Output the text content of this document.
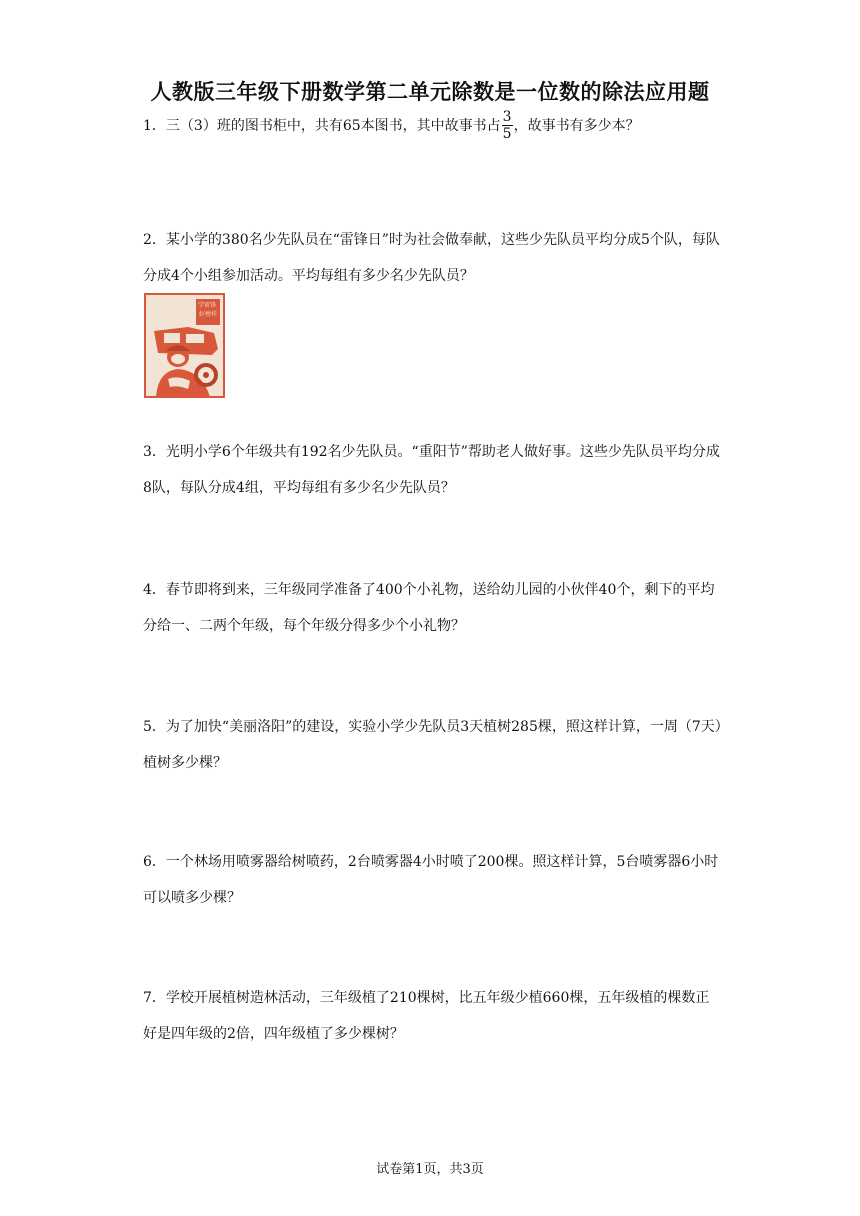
人教版三年级下册数学第二单元除数是一位数的除法应用题

1．三（3）班的图书柜中，共有65本图书，其中故事书占 $\frac{3}{5}$ ，故事书有多少本？

2．某小学的380名少先队员在“雷锋日”时为社会做奉献，这些少先队员平均分成5个队，每队分成4个小组参加活动。平均每组有多少名少先队员？

学雷锋 好榜样

3．光明小学6个年级共有192名少先队员。“重阳节”帮助老人做好事。这些少先队员平均分成8队，每队分成4组，平均每组有多少名少先队员？

4．春节即将到来，三年级同学准备了400个小礼物，送给幼儿园的小伙伴40个，剩下的平均分给一、二两个年级，每个年级分得多少个小礼物？

5．为了加快“美丽洛阳”的建设，实验小学少先队员3天植树285棵，照这样计算，一周（7天）植树多少棵？

6．一个林场用喷雾器给树喷药，2台喷雾器4小时喷了200棵。照这样计算，5台喷雾器6小时可以喷多少棵？

7．学校开展植树造林活动，三年级植了210棵树，比五年级少植660棵，五年级植的棵数正好是四年级的2倍，四年级植了多少棵树？

试卷第1页，共3页
